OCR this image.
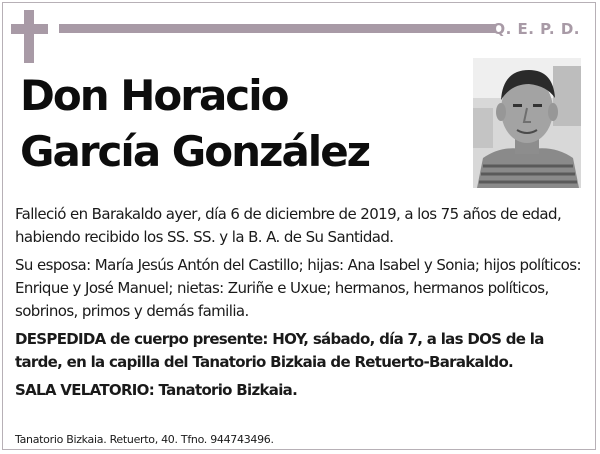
Q. E. P. D.
Don Horacio
García González

Falleció en Barakaldo ayer, día 6 de diciembre de 2019, a los 75 años de edad, habiendo recibido los SS. SS. y la B. A. de Su Santidad.

Su esposa: María Jesús Antón del Castillo; hijas: Ana Isabel y Sonia; hijos políticos: Enrique y José Manuel; nietas: Zuriñe e Uxue; hermanos, hermanos políticos, sobrinos, primos y demás familia.

DESPEDIDA de cuerpo presente: HOY, sábado, día 7, a las DOS de la tarde, en la capilla del Tanatorio Bizkaia de Retuerto-Barakaldo.

SALA VELATORIO: Tanatorio Bizkaia.

Tanatorio Bizkaia. Retuerto, 40. Tfno. 944743496.
